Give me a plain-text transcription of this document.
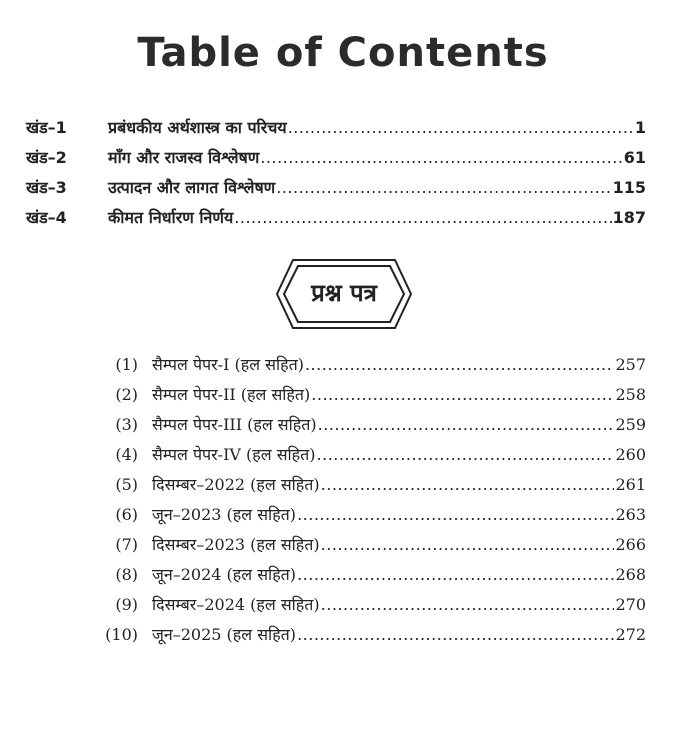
Table of Contents
खंड–1	प्रबंधकीय अर्थशास्त्र का परिचय .....	1
खंड–2	माँग और राजस्व विश्लेषण .....	61
खंड–3	उत्पादन और लागत विश्लेषण .....	115
खंड–4	कीमत निर्धारण निर्णय .....	187
प्रश्न पत्र
(1) सैम्पल पेपर-I (हल सहित) .....	257
(2) सैम्पल पेपर-II (हल सहित) .....	258
(3) सैम्पल पेपर-III (हल सहित) .....	259
(4) सैम्पल पेपर-IV (हल सहित) .....	260
(5) दिसम्बर–2022 (हल सहित) .....	261
(6) जून–2023 (हल सहित) .....	263
(7) दिसम्बर–2023 (हल सहित) .....	266
(8) जून–2024 (हल सहित) .....	268
(9) दिसम्बर–2024 (हल सहित) .....	270
(10) जून–2025 (हल सहित) .....	272
